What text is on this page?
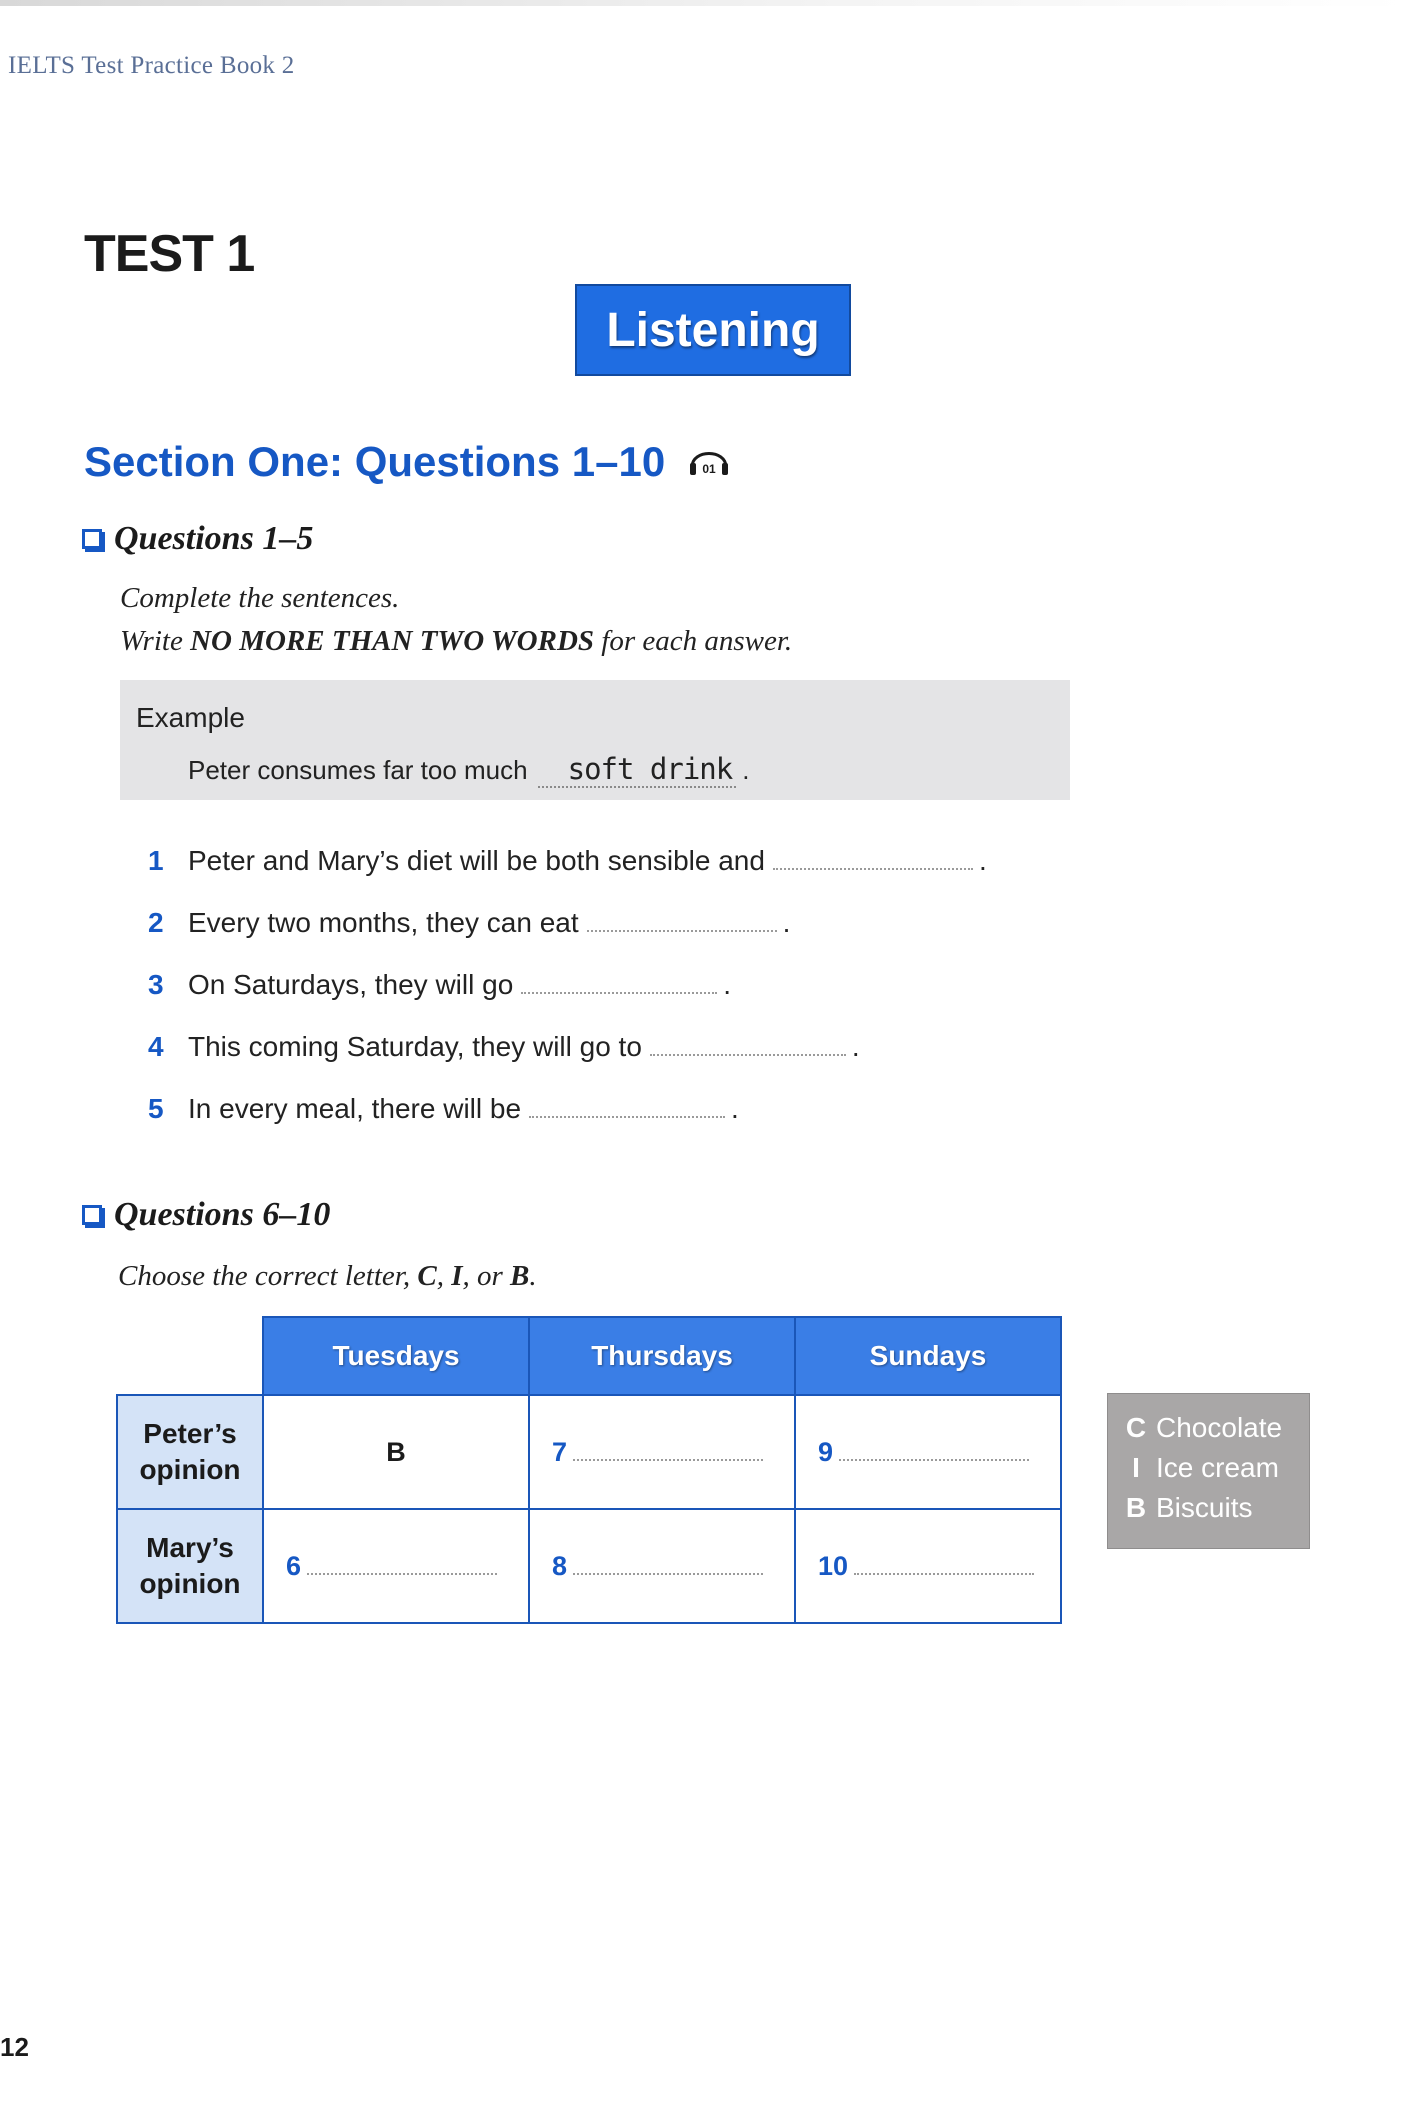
IELTS Test Practice Book 2
TEST 1
Listening
Section One: Questions 1–10	01
Questions 1–5
Complete the sentences.
Write NO MORE THAN TWO WORDS for each answer.
Example
Peter consumes far too much	soft drink .
1 Peter and Mary’s diet will be both sensible and	.
2 Every two months, they can eat	.
3 On Saturdays, they will go	.
4 This coming Saturday, they will go to	.
5 In every meal, there will be	.
Questions 6–10
Choose the correct letter, C, I, or B.
	Tuesdays	Thursdays	Sundays
Peter’s
opinion	B	7	9
Mary’s
opinion	6	8	10
C Chocolate
I Ice cream
B Biscuits
12
